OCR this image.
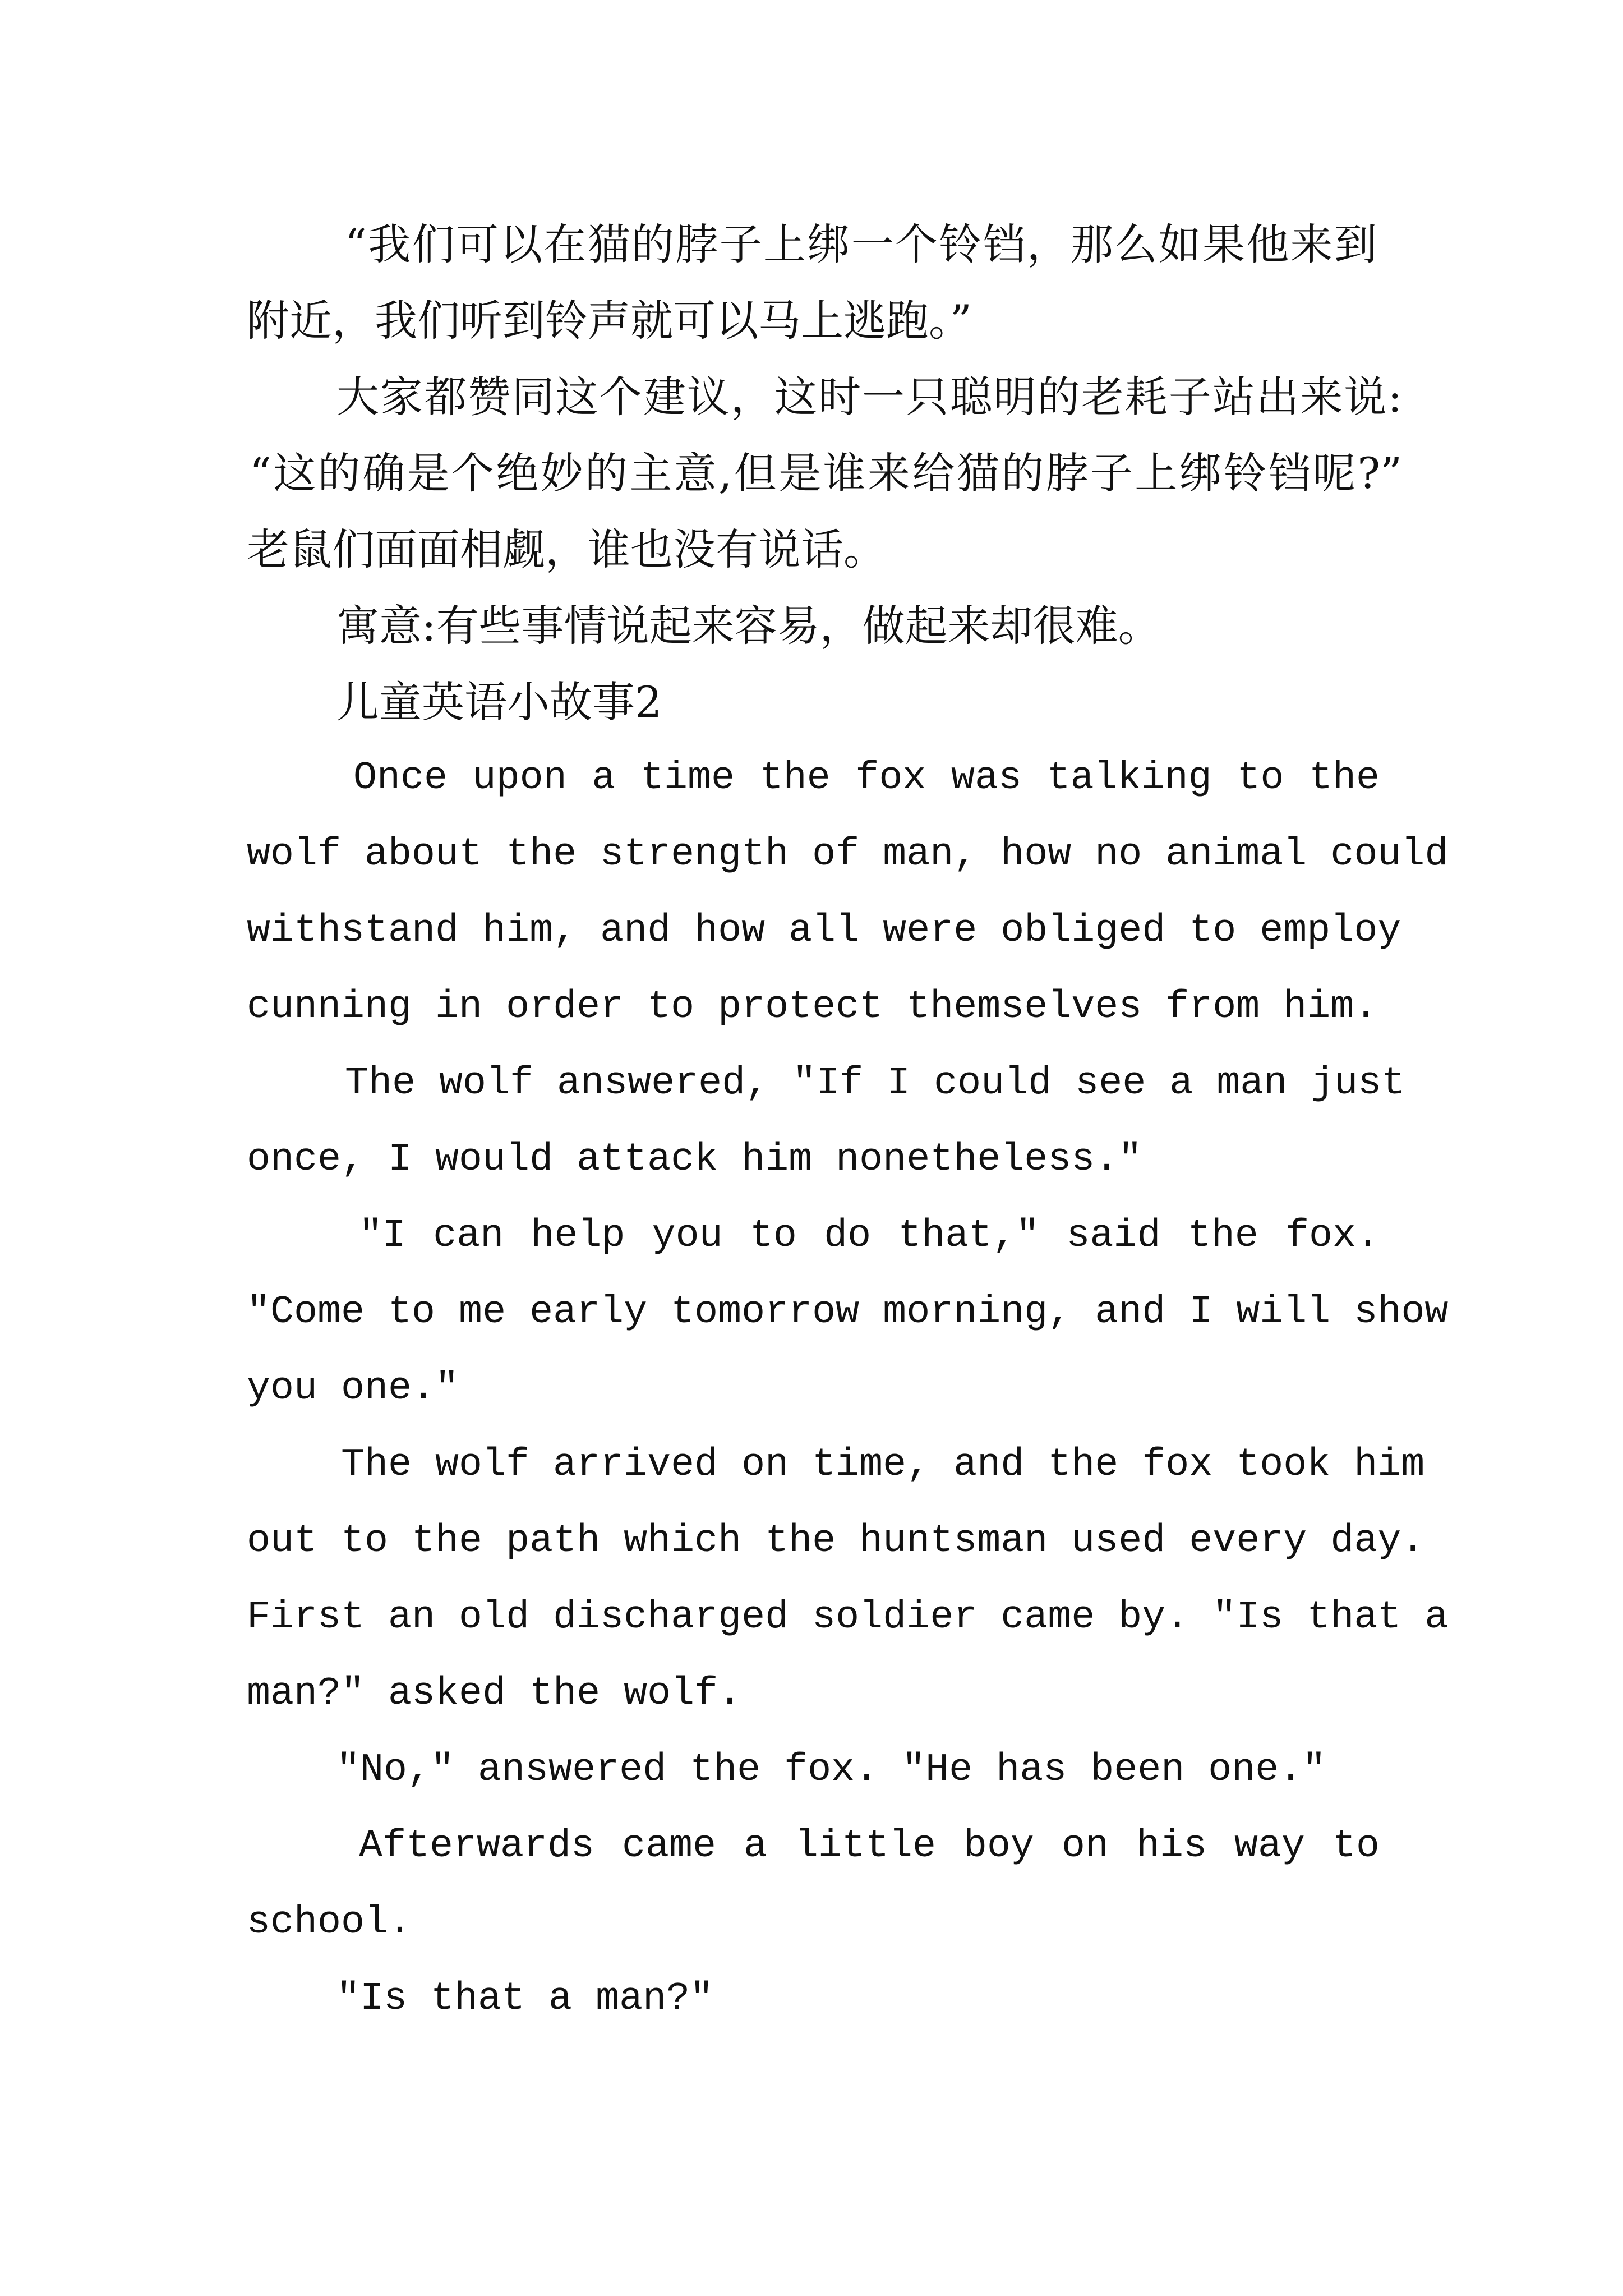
“我们可以在猫的脖子上绑一个铃铛，那么如果他来到
附近，我们听到铃声就可以马上逃跑。”
大家都赞同这个建议，这时一只聪明的老耗子站出来说:
“这的确是个绝妙的主意,但是谁来给猫的脖子上绑铃铛呢?”
老鼠们面面相觑，谁也没有说话。
寓意:有些事情说起来容易，做起来却很难。
儿童英语小故事2
Once upon a time the fox was talking to the
wolf about the strength of man, how no animal could
withstand him, and how all were obliged to employ
cunning in order to protect themselves from him.
The wolf answered, "If I could see a man just
once, I would attack him nonetheless."
"I can help you to do that," said the fox.
"Come to me early tomorrow morning, and I will show
you one."
The wolf arrived on time, and the fox took him
out to the path which the huntsman used every day.
First an old discharged soldier came by. "Is that a
man?" asked the wolf.
"No," answered the fox. "He has been one."
Afterwards came a little boy on his way to
school.
"Is that a man?"
